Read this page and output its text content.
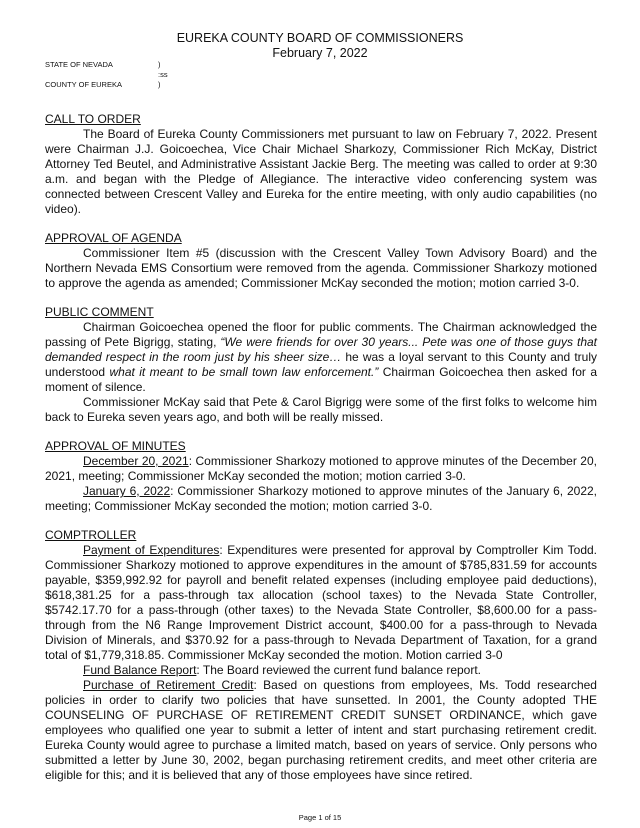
EUREKA COUNTY BOARD OF COMMISSIONERS
February 7, 2022
STATE OF NEVADA	)
:ss
COUNTY OF EUREKA	)
CALL TO ORDER

The Board of Eureka County Commissioners met pursuant to law on February 7, 2022. Present were Chairman J.J. Goicoechea, Vice Chair Michael Sharkozy, Commissioner Rich McKay, District Attorney Ted Beutel, and Administrative Assistant Jackie Berg. The meeting was called to order at 9:30 a.m. and began with the Pledge of Allegiance. The interactive video conferencing system was connected between Crescent Valley and Eureka for the entire meeting, with only audio capabilities (no video).

APPROVAL OF AGENDA

Commissioner Item #5 (discussion with the Crescent Valley Town Advisory Board) and the Northern Nevada EMS Consortium were removed from the agenda. Commissioner Sharkozy motioned to approve the agenda as amended; Commissioner McKay seconded the motion; motion carried 3-0.

PUBLIC COMMENT

Chairman Goicoechea opened the floor for public comments. The Chairman acknowledged the passing of Pete Bigrigg, stating, “We were friends for over 30 years... Pete was one of those guys that demanded respect in the room just by his sheer size… he was a loyal servant to this County and truly understood what it meant to be small town law enforcement.” Chairman Goicoechea then asked for a moment of silence.

Commissioner McKay said that Pete & Carol Bigrigg were some of the first folks to welcome him back to Eureka seven years ago, and both will be really missed.

APPROVAL OF MINUTES

December 20, 2021: Commissioner Sharkozy motioned to approve minutes of the December 20, 2021, meeting; Commissioner McKay seconded the motion; motion carried 3-0.

January 6, 2022: Commissioner Sharkozy motioned to approve minutes of the January 6, 2022, meeting; Commissioner McKay seconded the motion; motion carried 3-0.

COMPTROLLER

Payment of Expenditures: Expenditures were presented for approval by Comptroller Kim Todd. Commissioner Sharkozy motioned to approve expenditures in the amount of $785,831.59 for accounts payable, $359,992.92 for payroll and benefit related expenses (including employee paid deductions), $618,381.25 for a pass-through tax allocation (school taxes) to the Nevada State Controller, $5742.17.70 for a pass-through (other taxes) to the Nevada State Controller, $8,600.00 for a pass-through from the N6 Range Improvement District account, $400.00 for a pass-through to Nevada Division of Minerals, and $370.92 for a pass-through to Nevada Department of Taxation, for a grand total of $1,779,318.85. Commissioner McKay seconded the motion. Motion carried 3-0

Fund Balance Report: The Board reviewed the current fund balance report.

Purchase of Retirement Credit: Based on questions from employees, Ms. Todd researched policies in order to clarify two policies that have sunsetted. In 2001, the County adopted THE COUNSELING OF PURCHASE OF RETIREMENT CREDIT SUNSET ORDINANCE, which gave employees who qualified one year to submit a letter of intent and start purchasing retirement credit. Eureka County would agree to purchase a limited match, based on years of service. Only persons who submitted a letter by June 30, 2002, began purchasing retirement credits, and meet other criteria are eligible for this; and it is believed that any of those employees have since retired.

Page 1 of 15
